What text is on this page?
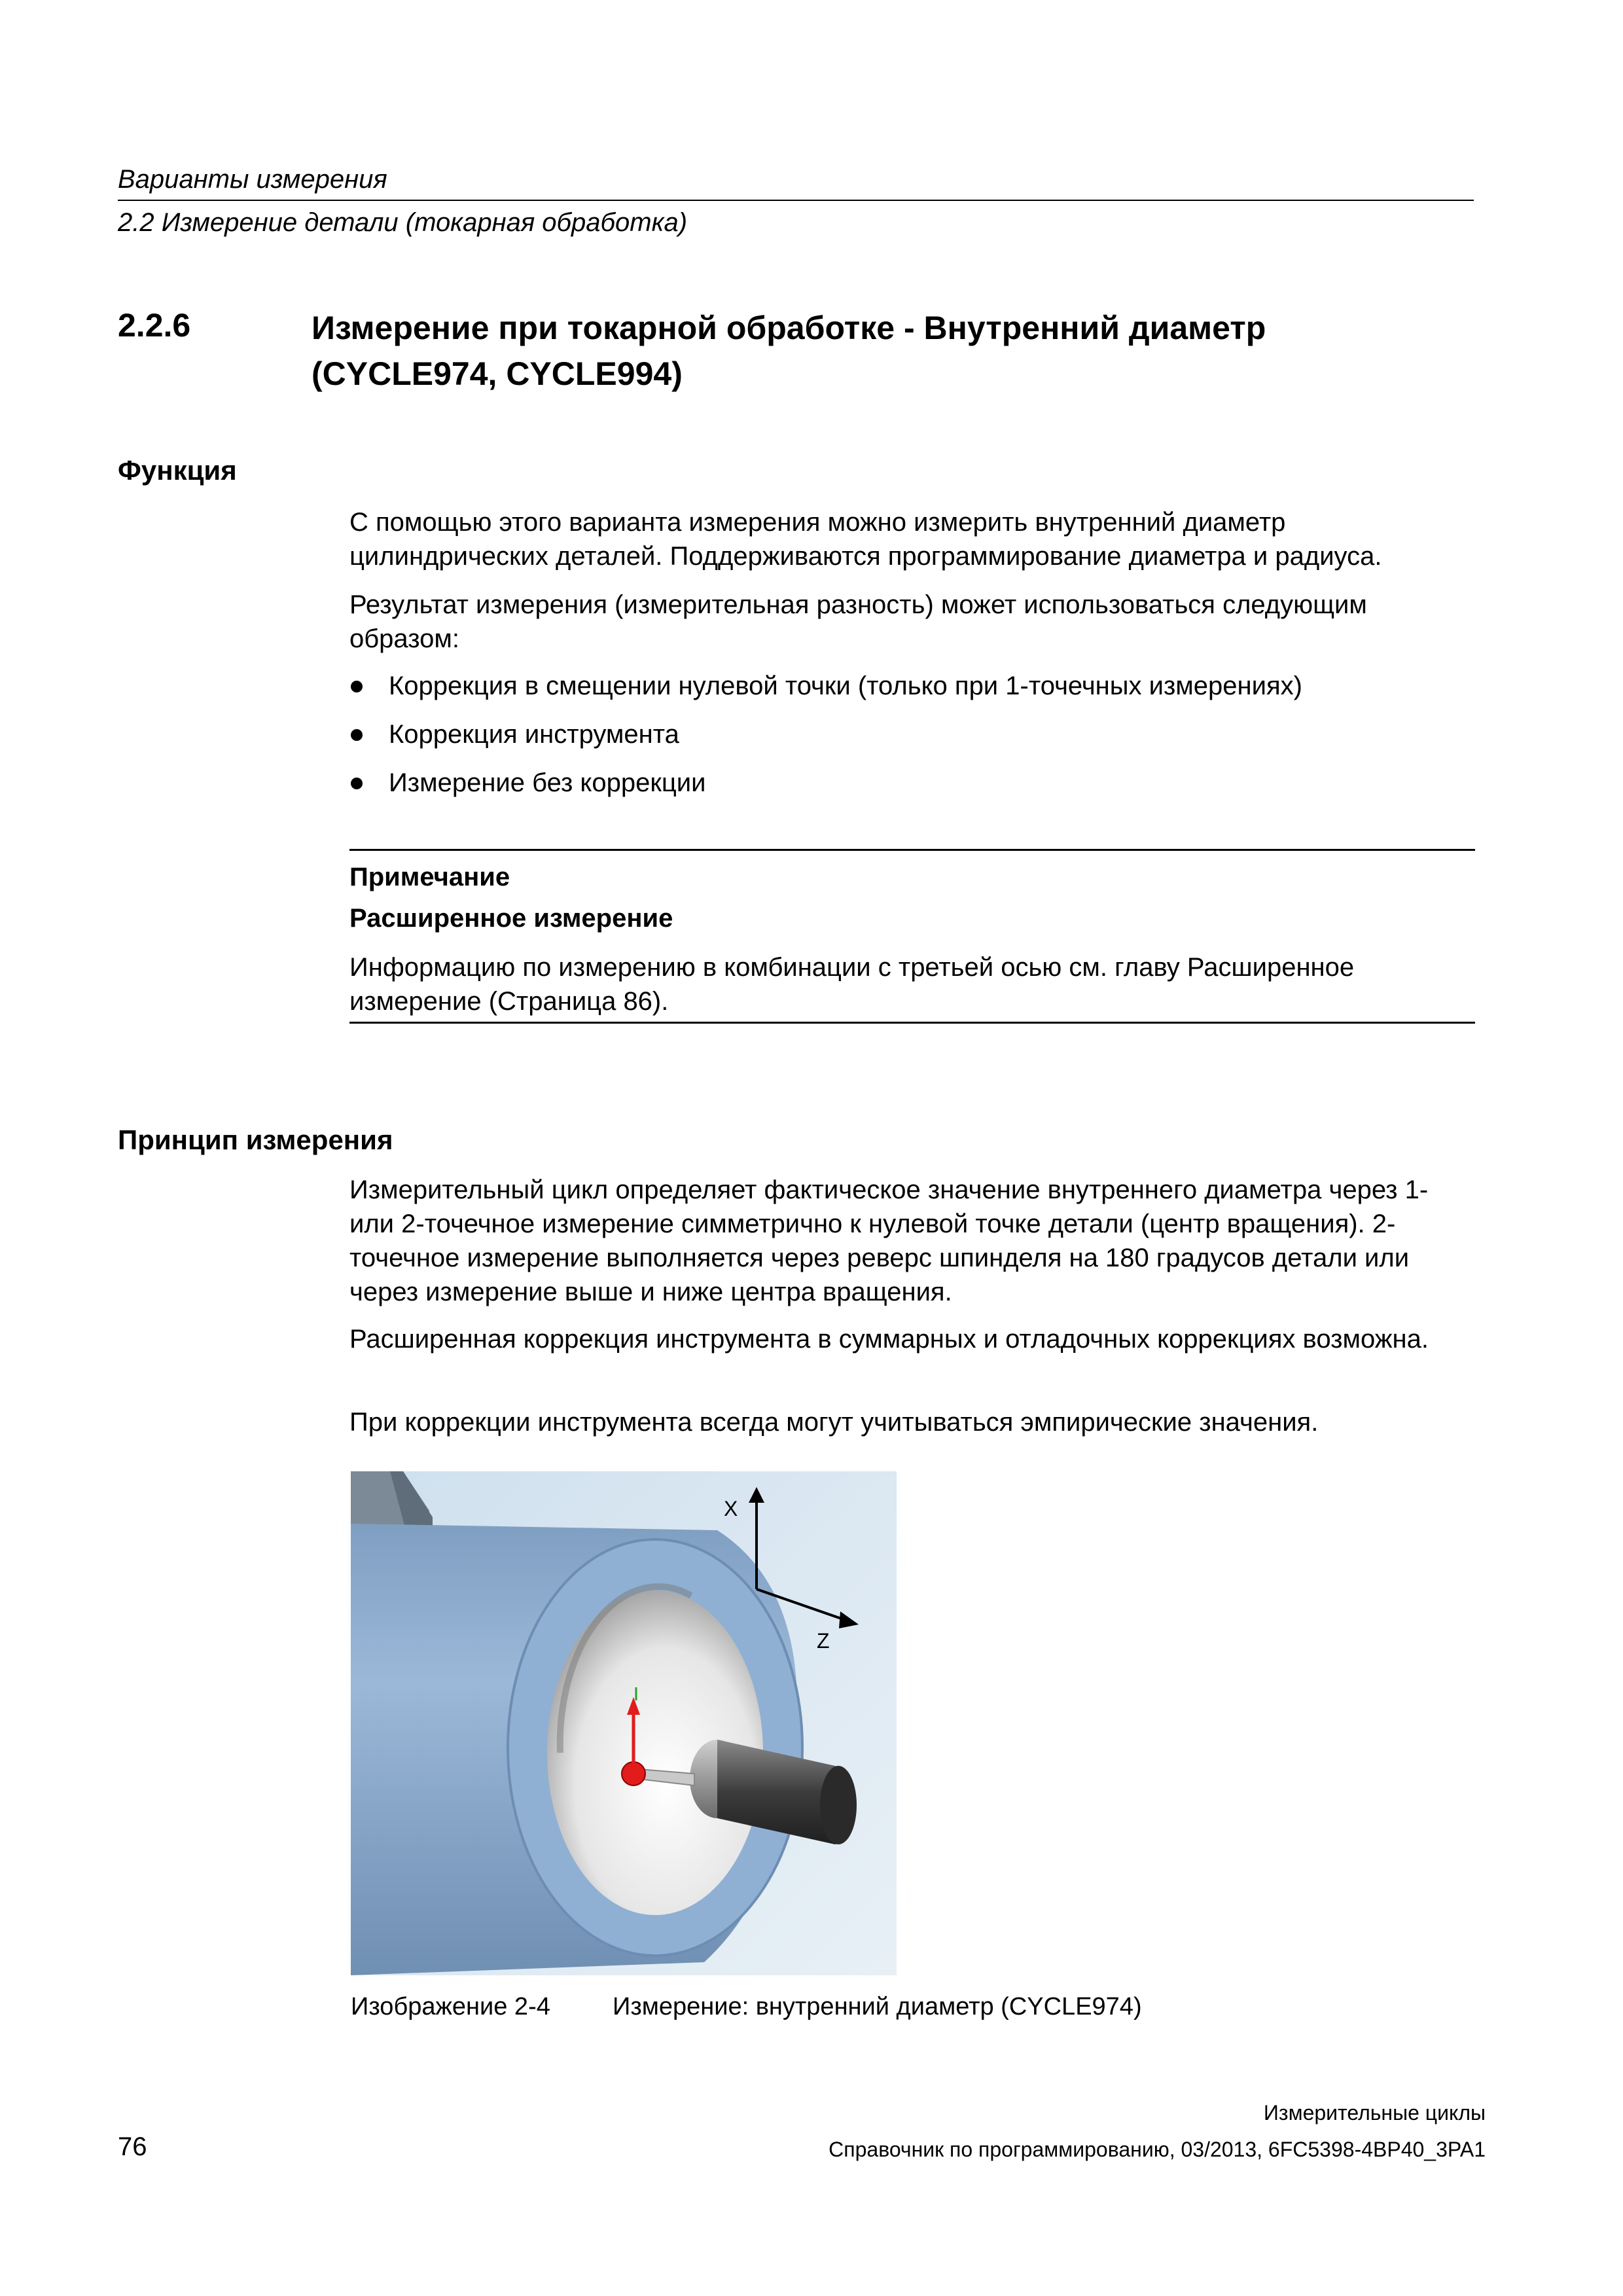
Варианты измерения
2.2 Измерение детали (токарная обработка)
2.2.6	Измерение при токарной обработке - Внутренний диаметр (CYCLE974, CYCLE994)
Функция
С помощью этого варианта измерения можно измерить внутренний диаметр цилиндрических деталей. Поддерживаются программирование диаметра и радиуса.
Результат измерения (измерительная разность) может использоваться следующим образом:
Коррекция в смещении нулевой точки (только при 1-точечных измерениях)
Коррекция инструмента
Измерение без коррекции
Примечание
Расширенное измерение
Информацию по измерению в комбинации с третьей осью см. главу Расширенное измерение (Страница 86).
Принцип измерения
Измерительный цикл определяет фактическое значение внутреннего диаметра через 1- или 2-точечное измерение симметрично к нулевой точке детали (центр вращения). 2-точечное измерение выполняется через реверс шпинделя на 180 градусов детали или через измерение выше и ниже центра вращения.
Расширенная коррекция инструмента в суммарных и отладочных коррекциях возможна.
При коррекции инструмента всегда могут учитываться эмпирические значения.
X
Z
Изображение 2-4	Измерение: внутренний диаметр (CYCLE974)
Измерительные циклы
76	Справочник по программированию, 03/2013, 6FC5398-4BP40_3PA1
